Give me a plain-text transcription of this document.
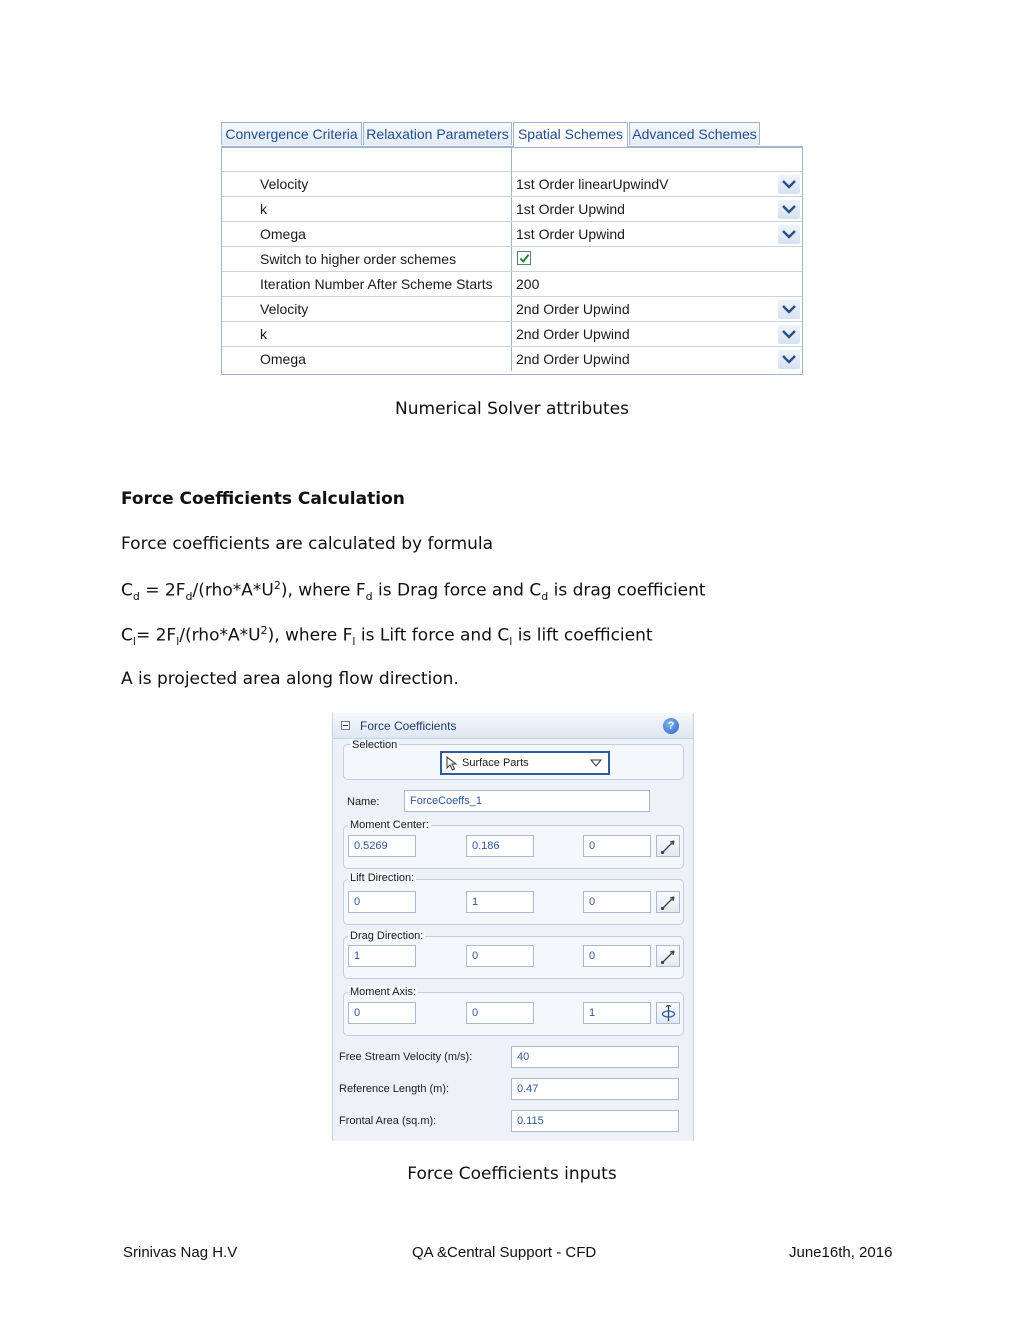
Convergence Criteria Relaxation Parameters Spatial Schemes Advanced Schemes
Velocity	1st Order linearUpwindV
k	1st Order Upwind
Omega	1st Order Upwind
Switch to higher order schemes
Iteration Number After Scheme Starts 200
Velocity	2nd Order Upwind
k	2nd Order Upwind
Omega	2nd Order Upwind
Numerical Solver attributes
Force Coefficients Calculation
Force coefficients are calculated by formula
$C_d = 2F_d/(rho*A*U^2)$, where $F_d$ is Drag force and $C_d$ is drag coefficient
$C_l= 2F_l/(rho*A*U^2)$, where $F_l$ is Lift force and $C_l$ is lift coefficient
A is projected area along flow direction.
Force Coefficients	?
Selection
Surface Parts
Name:	ForceCoeffs_1
Moment Center:
0.5269	0.186	0
Lift Direction:
0	1	0
Drag Direction:
1	0	0
Moment Axis:
0	0	1
Free Stream Velocity (m/s):	40
Reference Length (m):	0.47
Frontal Area (sq.m):	0.115
Force Coefficients inputs
Srinivas Nag H.V	QA &Central Support - CFD	June16th, 2016
